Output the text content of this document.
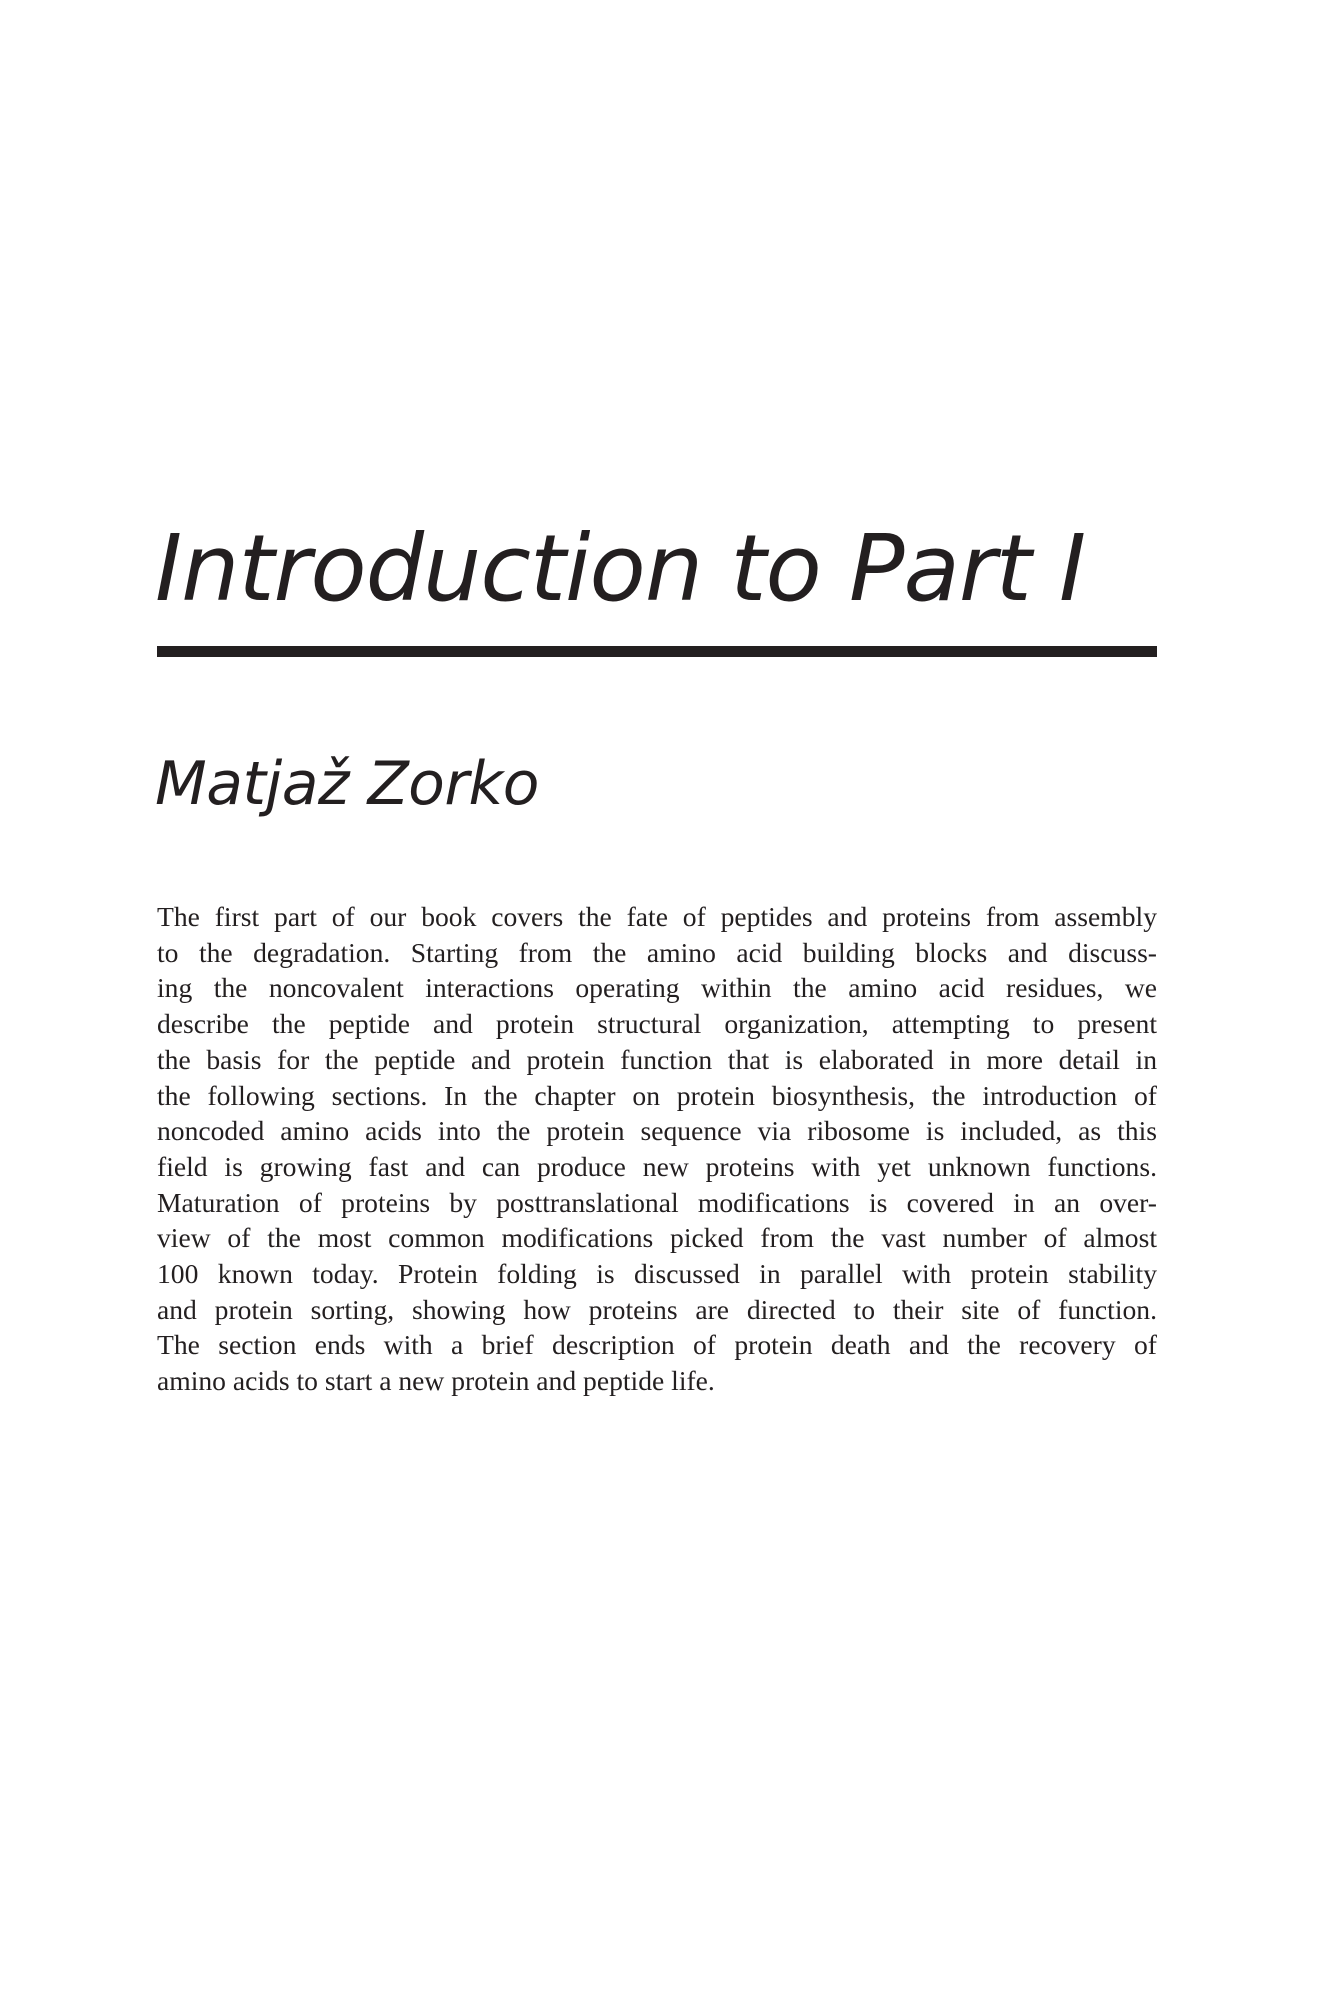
Introduction to Part I
Matjaž Zorko

The first part of our book covers the fate of peptides and proteins from assembly
to the degradation. Starting from the amino acid building blocks and discuss-
ing the noncovalent interactions operating within the amino acid residues, we
describe the peptide and protein structural organization, attempting to present
the basis for the peptide and protein function that is elaborated in more detail in
the following sections. In the chapter on protein biosynthesis, the introduction of
noncoded amino acids into the protein sequence via ribosome is included, as this
field is growing fast and can produce new proteins with yet unknown functions.
Maturation of proteins by posttranslational modifications is covered in an over-
view of the most common modifications picked from the vast number of almost
100 known today. Protein folding is discussed in parallel with protein stability
and protein sorting, showing how proteins are directed to their site of function.
The section ends with a brief description of protein death and the recovery of
amino acids to start a new protein and peptide life.
